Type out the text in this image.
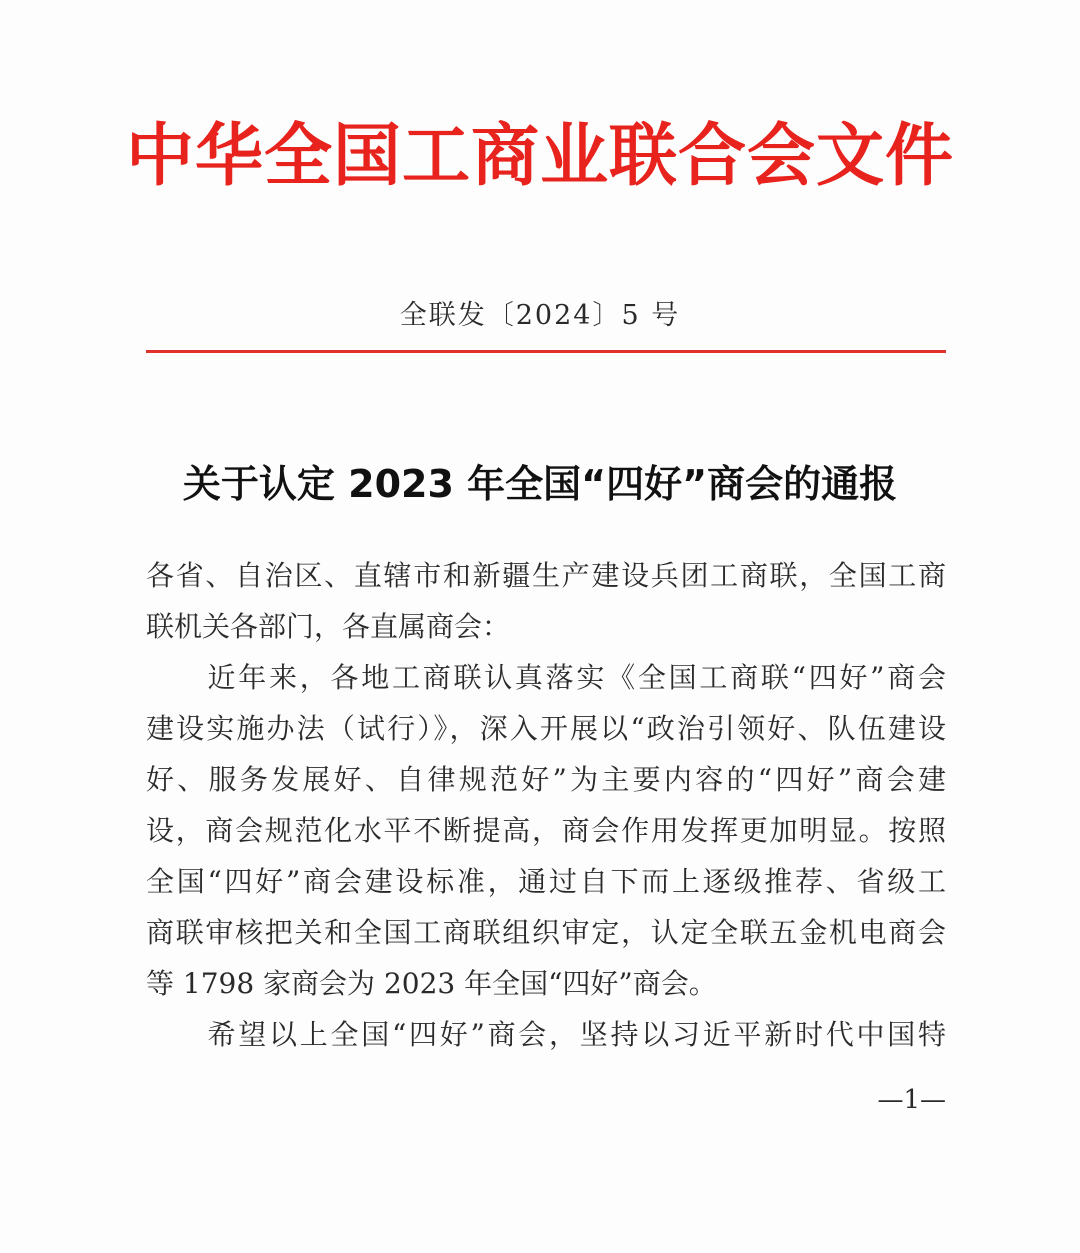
中华全国工商业联合会文件
全联发〔2024〕5 号
关于认定 2023 年全国“四好”商会的通报
各省、自治区、直辖市和新疆生产建设兵团工商联，全国工商
联机关各部门，各直属商会：
　　近年来，各地工商联认真落实《全国工商联“四好”商会
建设实施办法（试行）》，深入开展以“政治引领好、队伍建设
好、服务发展好、自律规范好”为主要内容的“四好”商会建
设，商会规范化水平不断提高，商会作用发挥更加明显。按照
全国“四好”商会建设标准，通过自下而上逐级推荐、省级工
商联审核把关和全国工商联组织审定，认定全联五金机电商会
等 1798 家商会为 2023 年全国“四好”商会。
　　希望以上全国“四好”商会，坚持以习近平新时代中国特
—1—
